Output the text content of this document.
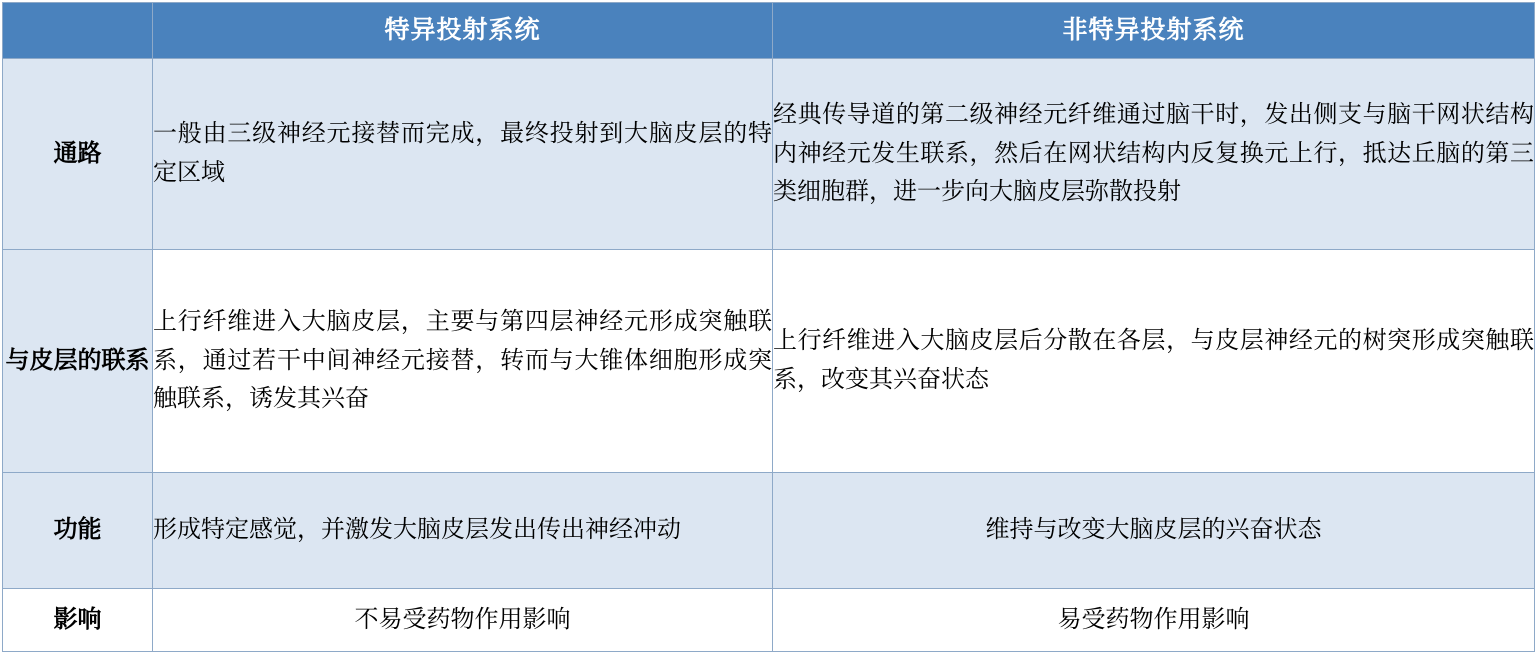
	特异投射系统	非特异投射系统
通路	一般由三级神经元接替而完成，最终投射到大脑皮层的特定区域	经典传导道的第二级神经元纤维通过脑干时，发出侧支与脑干网状结构内神经元发生联系，然后在网状结构内反复换元上行，抵达丘脑的第三类细胞群，进一步向大脑皮层弥散投射
与皮层的联系	上行纤维进入大脑皮层，主要与第四层神经元形成突触联系，通过若干中间神经元接替，转而与大锥体细胞形成突触联系，诱发其兴奋	上行纤维进入大脑皮层后分散在各层，与皮层神经元的树突形成突触联系，改变其兴奋状态
功能	形成特定感觉，并激发大脑皮层发出传出神经冲动	维持与改变大脑皮层的兴奋状态
影响	不易受药物作用影响	易受药物作用影响
